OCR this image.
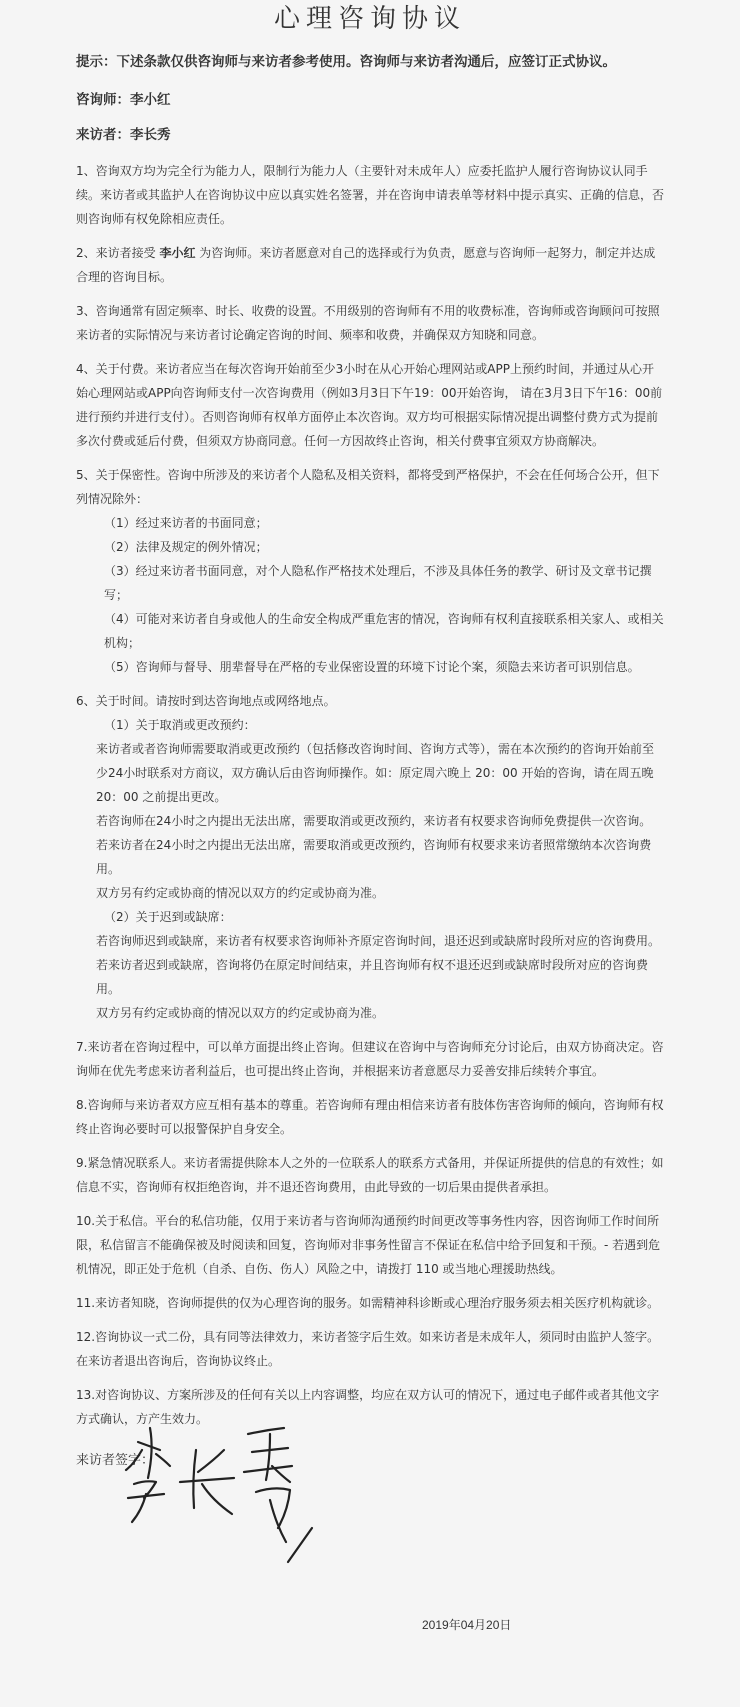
心理咨询协议
提示：下述条款仅供咨询师与来访者参考使用。咨询师与来访者沟通后，应签订正式协议。
咨询师：李小红
来访者：李长秀
1、咨询双方均为完全行为能力人，限制行为能力人（主要针对未成年人）应委托监护人履行咨询协议认同手续。来访者或其监护人在咨询协议中应以真实姓名签署，并在咨询申请表单等材料中提示真实、正确的信息，否则咨询师有权免除相应责任。
2、来访者接受 李小红 为咨询师。来访者愿意对自己的选择或行为负责，愿意与咨询师一起努力，制定并达成合理的咨询目标。
3、咨询通常有固定频率、时长、收费的设置。不用级别的咨询师有不用的收费标准，咨询师或咨询顾问可按照来访者的实际情况与来访者讨论确定咨询的时间、频率和收费，并确保双方知晓和同意。
4、关于付费。来访者应当在每次咨询开始前至少3小时在从心开始心理网站或APP上预约时间，并通过从心开始心理网站或APP向咨询师支付一次咨询费用（例如3月3日下午19：00开始咨询， 请在3月3日下午16：00前进行预约并进行支付）。否则咨询师有权单方面停止本次咨询。双方均可根据实际情况提出调整付费方式为提前多次付费或延后付费，但须双方协商同意。任何一方因故终止咨询，相关付费事宜须双方协商解决。
5、关于保密性。咨询中所涉及的来访者个人隐私及相关资料，都将受到严格保护，不会在任何场合公开，但下列情况除外：
（1）经过来访者的书面同意；
（2）法律及规定的例外情况；
（3）经过来访者书面同意，对个人隐私作严格技术处理后，不涉及具体任务的教学、研讨及文章书记撰写；
（4）可能对来访者自身或他人的生命安全构成严重危害的情况，咨询师有权利直接联系相关家人、或相关机构；
（5）咨询师与督导、朋辈督导在严格的专业保密设置的环境下讨论个案，须隐去来访者可识别信息。
6、关于时间。请按时到达咨询地点或网络地点。
（1）关于取消或更改预约：
来访者或者咨询师需要取消或更改预约（包括修改咨询时间、咨询方式等），需在本次预约的咨询开始前至少24小时联系对方商议，双方确认后由咨询师操作。如：原定周六晚上 20：00 开始的咨询，请在周五晚 20：00 之前提出更改。
若咨询师在24小时之内提出无法出席，需要取消或更改预约，来访者有权要求咨询师免费提供一次咨询。
若来访者在24小时之内提出无法出席，需要取消或更改预约，咨询师有权要求来访者照常缴纳本次咨询费用。
双方另有约定或协商的情况以双方的约定或协商为准。
（2）关于迟到或缺席：
若咨询师迟到或缺席，来访者有权要求咨询师补齐原定咨询时间，退还迟到或缺席时段所对应的咨询费用。
若来访者迟到或缺席，咨询将仍在原定时间结束，并且咨询师有权不退还迟到或缺席时段所对应的咨询费用。
双方另有约定或协商的情况以双方的约定或协商为准。
7.来访者在咨询过程中，可以单方面提出终止咨询。但建议在咨询中与咨询师充分讨论后，由双方协商决定。咨询师在优先考虑来访者利益后，也可提出终止咨询，并根据来访者意愿尽力妥善安排后续转介事宜。
8.咨询师与来访者双方应互相有基本的尊重。若咨询师有理由相信来访者有肢体伤害咨询师的倾向，咨询师有权终止咨询必要时可以报警保护自身安全。
9.紧急情况联系人。来访者需提供除本人之外的一位联系人的联系方式备用，并保证所提供的信息的有效性；如信息不实，咨询师有权拒绝咨询，并不退还咨询费用，由此导致的一切后果由提供者承担。
10.关于私信。平台的私信功能，仅用于来访者与咨询师沟通预约时间更改等事务性内容，因咨询师工作时间所限，私信留言不能确保被及时阅读和回复，咨询师对非事务性留言不保证在私信中给予回复和干预。- 若遇到危机情况，即正处于危机（自杀、自伤、伤人）风险之中，请拨打 110 或当地心理援助热线。
11.来访者知晓，咨询师提供的仅为心理咨询的服务。如需精神科诊断或心理治疗服务须去相关医疗机构就诊。
12.咨询协议一式二份，具有同等法律效力，来访者签字后生效。如来访者是未成年人，须同时由监护人签字。在来访者退出咨询后，咨询协议终止。
13.对咨询协议、方案所涉及的任何有关以上内容调整，均应在双方认可的情况下，通过电子邮件或者其他文字方式确认，方产生效力。
来访者签字：
2019年04月20日
